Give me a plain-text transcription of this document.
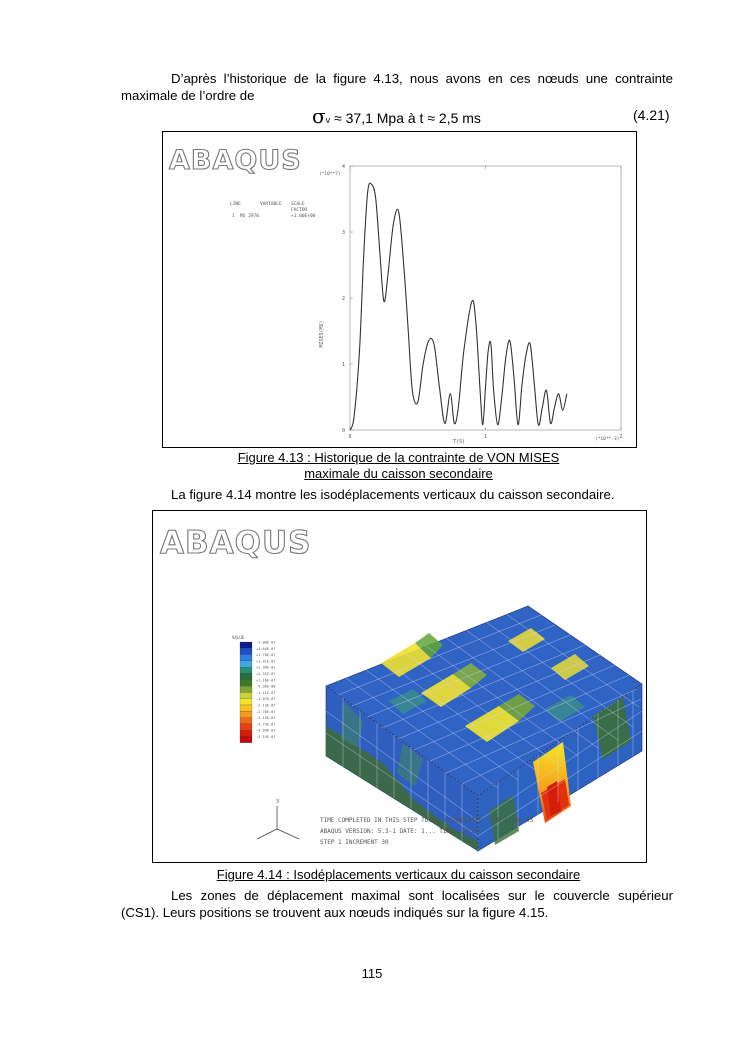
D’après l’historique de la figure 4.13, nous avons en ces nœuds une contrainte
maximale de l’ordre de
σv ≈ 37,1 Mpa à t ≈ 2,5 ms	(4.21)
ABAQUS
LINE	VARIABLE SCALE
FACTOR
1 MS 2970	+1.00E+00
0
1
2
3
4
0	1	2
MISES(MS)
T(S)
(*10**7)
(*10**-3)
Figure 4.13 : Historique de la contrainte de VON MISES
maximale du caisson secondaire
La figure 4.14 montre les isodéplacements verticaux du caisson secondaire.
ABAQUS
VALUE
-1.00E-07
+1.64E-07
+1.70E-07
+1.41E-07
+1.36E-07
+1.31E-07
+1.16E-07
-5.38E-08
-1.11E-07
-1.67E-07
-2.13E-07
-2.70E-07
-3.13E-07
-3.79E-07
-4.39E-07
-5.14E-07
TIME COMPLETED IN THIS STEP TOTAL ACCUMULATED TIME 3.00E-03
ABAQUS VERSION: 5.3-1 DATE: 1... TIME: 14:26
STEP 1 INCREMENT 30
3
Figure 4.14 : Isodéplacements verticaux du caisson secondaire
Les zones de déplacement maximal sont localisées sur le couvercle supérieur
(CS1). Leurs positions se trouvent aux nœuds indiqués sur la figure 4.15.
115
